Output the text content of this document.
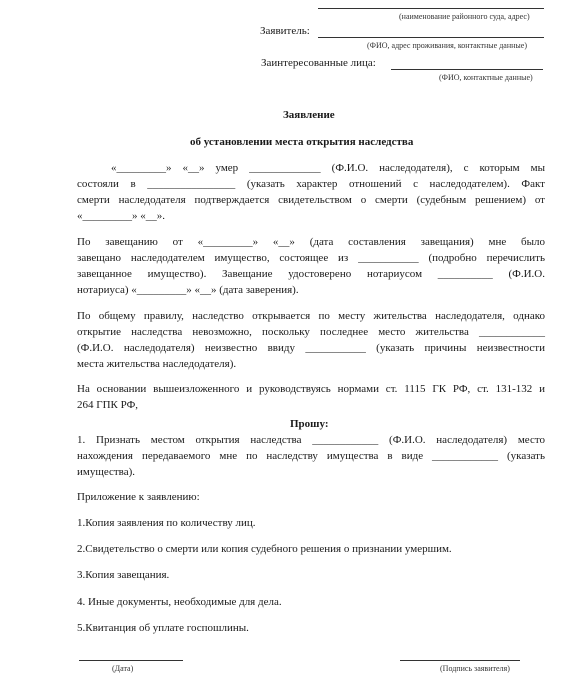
(наименование районного суда, адрес)
Заявитель:
(ФИО, адрес проживания, контактные данные)
Заинтересованные лица:
(ФИО, контактные данные)
Заявление
об установлении места открытия наследства
«_________» «__» умер _____________ (Ф.И.О. наследодателя), с которым мы
состояли в ________________ (указать характер отношений с наследодателем). Факт
смерти наследодателя подтверждается свидетельством о смерти (судебным решением) от
«_________» «__».
По завещанию от «_________» «__» (дата составления завещания) мне было
завещано наследодателем имущество, состоящее из ___________ (подробно перечислить
завещанное имущество). Завещание удостоверено нотариусом __________ (Ф.И.О.
нотариуса) «_________» «__» (дата заверения).
По общему правилу, наследство открывается по месту жительства наследодателя, однако
открытие наследства невозможно, поскольку последнее место жительства ____________
(Ф.И.О. наследодателя) неизвестно ввиду ___________ (указать причины неизвестности
места жительства наследодателя).
На основании вышеизложенного и руководствуясь нормами ст. 1115 ГК РФ, ст. 131-132 и
264 ГПК РФ,
Прошу:
1. Признать местом открытия наследства ____________ (Ф.И.О. наследодателя) место
нахождения передаваемого мне по наследству имущества в виде ____________ (указать
имущества).
Приложение к заявлению:
1.Копия заявления по количеству лиц.
2.Свидетельство о смерти или копия судебного решения о признании умершим.
3.Копия завещания.
4. Иные документы, необходимые для дела.
5.Квитанция об уплате госпошлины.
(Дата)	(Подпись заявителя)
